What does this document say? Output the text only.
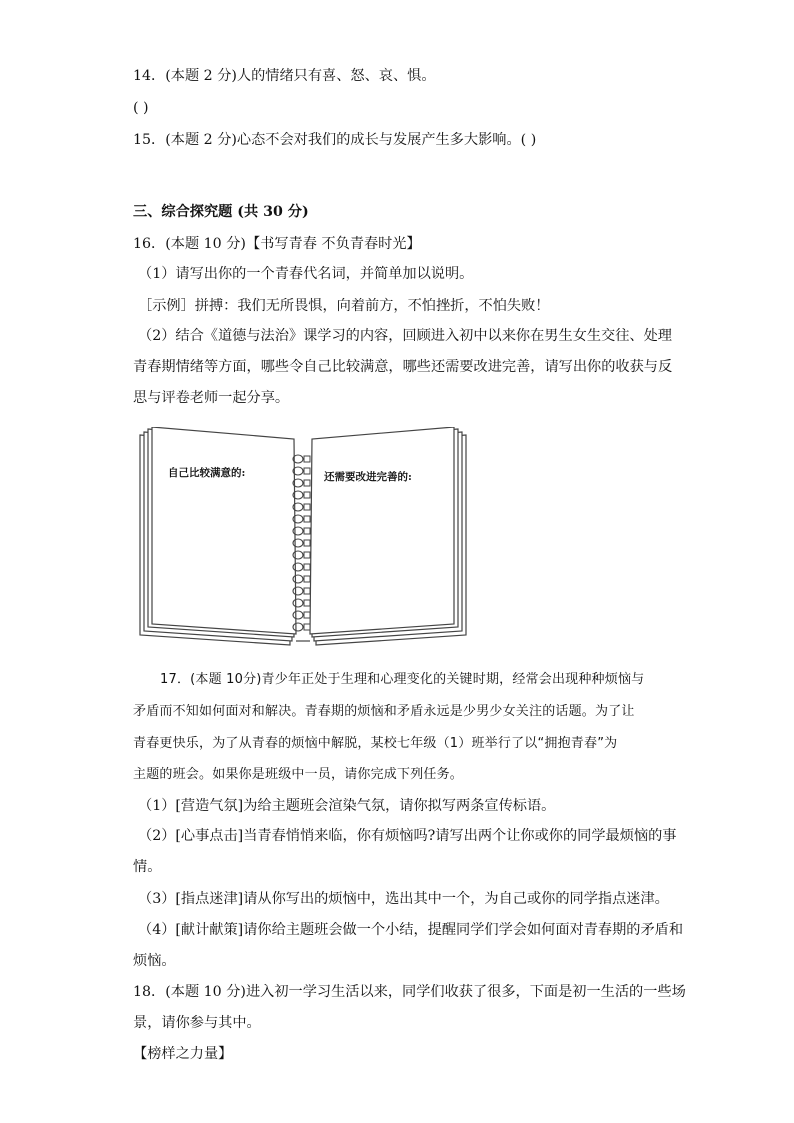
14．(本题 2 分)人的情绪只有喜、怒、哀、惧。
( )
15．(本题 2 分)心态不会对我们的成长与发展产生多大影响。( )
三、综合探究题 (共 30 分)
16．(本题 10 分)【书写青春 不负青春时光】
（1）请写出你的一个青春代名词，并简单加以说明。
［示例］拼搏：我们无所畏惧，向着前方，不怕挫折，不怕失败！
（2）结合《道德与法治》课学习的内容，回顾进入初中以来你在男生女生交往、处理
青春期情绪等方面，哪些令自己比较满意，哪些还需要改进完善，请写出你的收获与反
思与评卷老师一起分享。
自己比较满意的:	还需要改进完善的:
17．(本题 10分)青少年正处于生理和心理变化的关键时期，经常会出现种种烦恼与
矛盾而不知如何面对和解决。青春期的烦恼和矛盾永远是少男少女关注的话题。为了让
青春更快乐，为了从青春的烦恼中解脱，某校七年级（1）班举行了以“拥抱青春”为
主题的班会。如果你是班级中一员，请你完成下列任务。
（1）[营造气氛]为给主题班会渲染气氛，请你拟写两条宣传标语。
（2）[心事点击]当青春悄悄来临，你有烦恼吗?请写出两个让你或你的同学最烦恼的事
情。
（3）[指点迷津]请从你写出的烦恼中，选出其中一个，为自己或你的同学指点迷津。
（4）[献计献策]请你给主题班会做一个小结，提醒同学们学会如何面对青春期的矛盾和
烦恼。
18．(本题 10 分)进入初一学习生活以来，同学们收获了很多，下面是初一生活的一些场
景，请你参与其中。
【榜样之力量】
